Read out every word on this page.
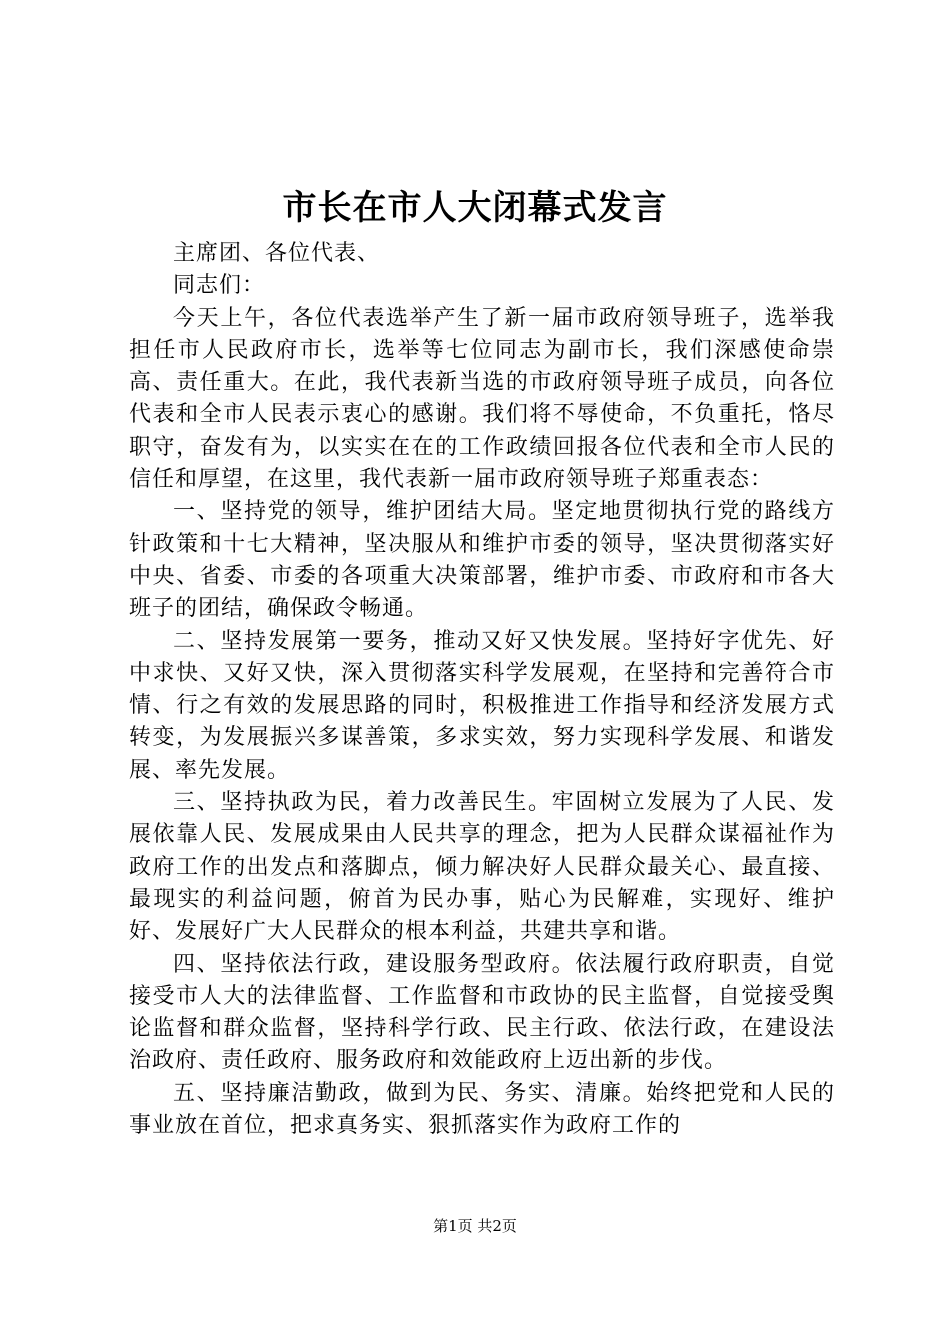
市长在市人大闭幕式发言

主席团、各位代表、

同志们：

今天上午，各位代表选举产生了新一届市政府领导班子，选举我担任市人民政府市长，选举等七位同志为副市长，我们深感使命崇高、责任重大。在此，我代表新当选的市政府领导班子成员，向各位代表和全市人民表示衷心的感谢。我们将不辱使命，不负重托，恪尽职守，奋发有为，以实实在在的工作政绩回报各位代表和全市人民的信任和厚望，在这里，我代表新一届市政府领导班子郑重表态：

一、坚持党的领导，维护团结大局。坚定地贯彻执行党的路线方针政策和十七大精神，坚决服从和维护市委的领导，坚决贯彻落实好中央、省委、市委的各项重大决策部署，维护市委、市政府和市各大班子的团结，确保政令畅通。

二、坚持发展第一要务，推动又好又快发展。坚持好字优先、好中求快、又好又快，深入贯彻落实科学发展观，在坚持和完善符合市情、行之有效的发展思路的同时，积极推进工作指导和经济发展方式转变，为发展振兴多谋善策，多求实效，努力实现科学发展、和谐发展、率先发展。

三、坚持执政为民，着力改善民生。牢固树立发展为了人民、发展依靠人民、发展成果由人民共享的理念，把为人民群众谋福祉作为政府工作的出发点和落脚点，倾力解决好人民群众最关心、最直接、最现实的利益问题，俯首为民办事，贴心为民解难，实现好、维护好、发展好广大人民群众的根本利益，共建共享和谐。

四、坚持依法行政，建设服务型政府。依法履行政府职责，自觉接受市人大的法律监督、工作监督和市政协的民主监督，自觉接受舆论监督和群众监督，坚持科学行政、民主行政、依法行政，在建设法治政府、责任政府、服务政府和效能政府上迈出新的步伐。

五、坚持廉洁勤政，做到为民、务实、清廉。始终把党和人民的事业放在首位，把求真务实、狠抓落实作为政府工作的

第1页 共2页
